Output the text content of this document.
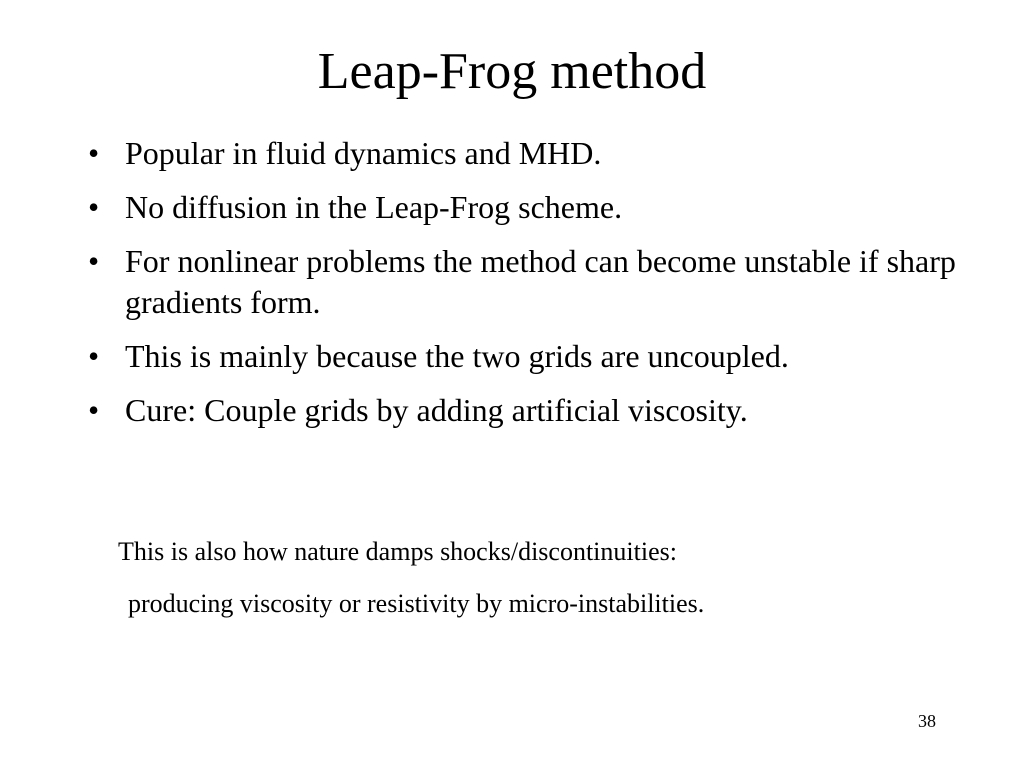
Leap-Frog method
• Popular in fluid dynamics and MHD.
• No diffusion in the Leap-Frog scheme.
• For nonlinear problems the method can become unstable if sharp gradients form.
• This is mainly because the two grids are uncoupled.
• Cure: Couple grids by adding artificial viscosity.

This is also how nature damps shocks/discontinuities:

producing viscosity or resistivity by micro-instabilities.

38
